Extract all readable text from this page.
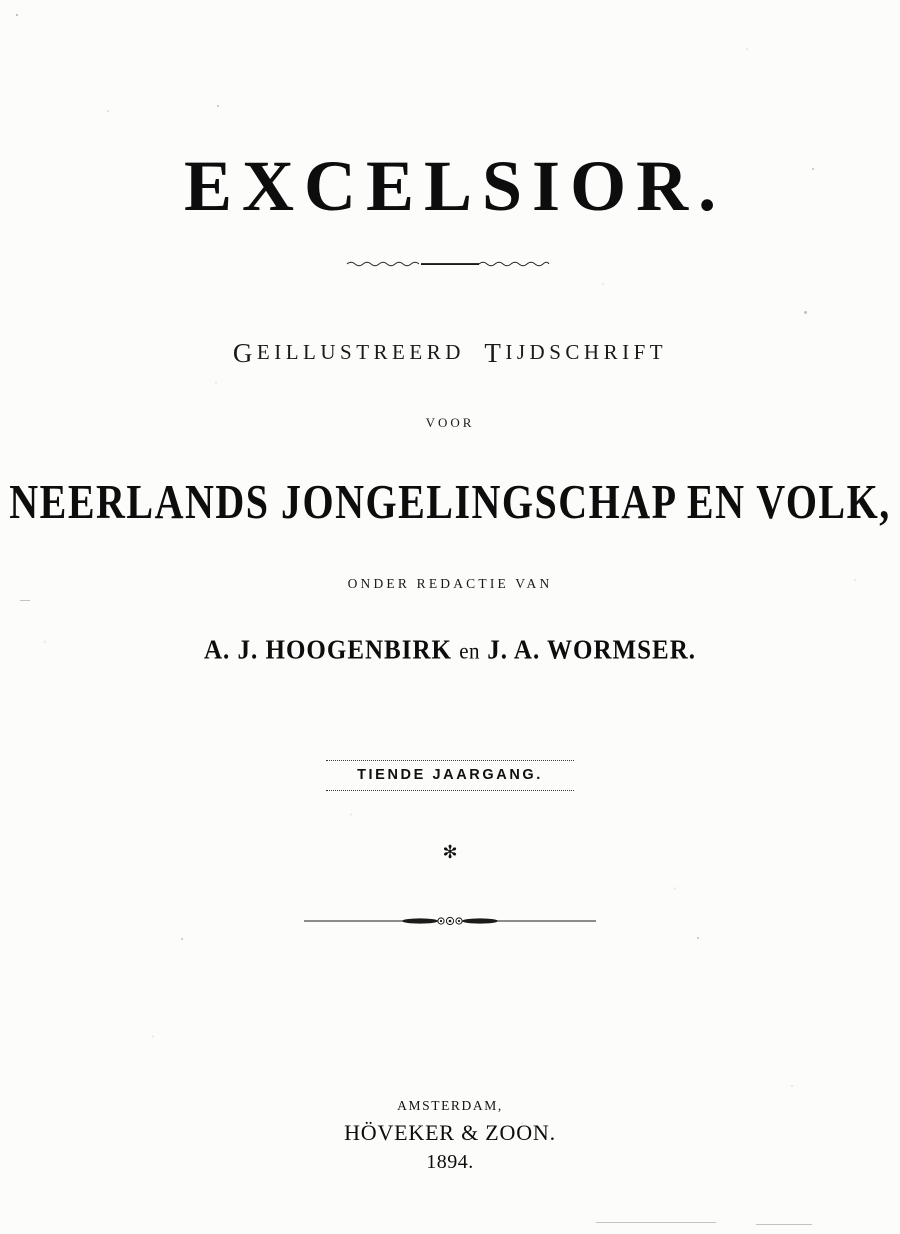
EXCELSIOR.
GEILLUSTREERD TIJDSCHRIFT
VOOR
NEERLANDS JONGELINGSCHAP EN VOLK,
ONDER REDACTIE VAN
A. J. HOOGENBIRK en J. A. WORMSER.
TIENDE JAARGANG.
✻
AMSTERDAM,
HÖVEKER & ZOON.
1894.
